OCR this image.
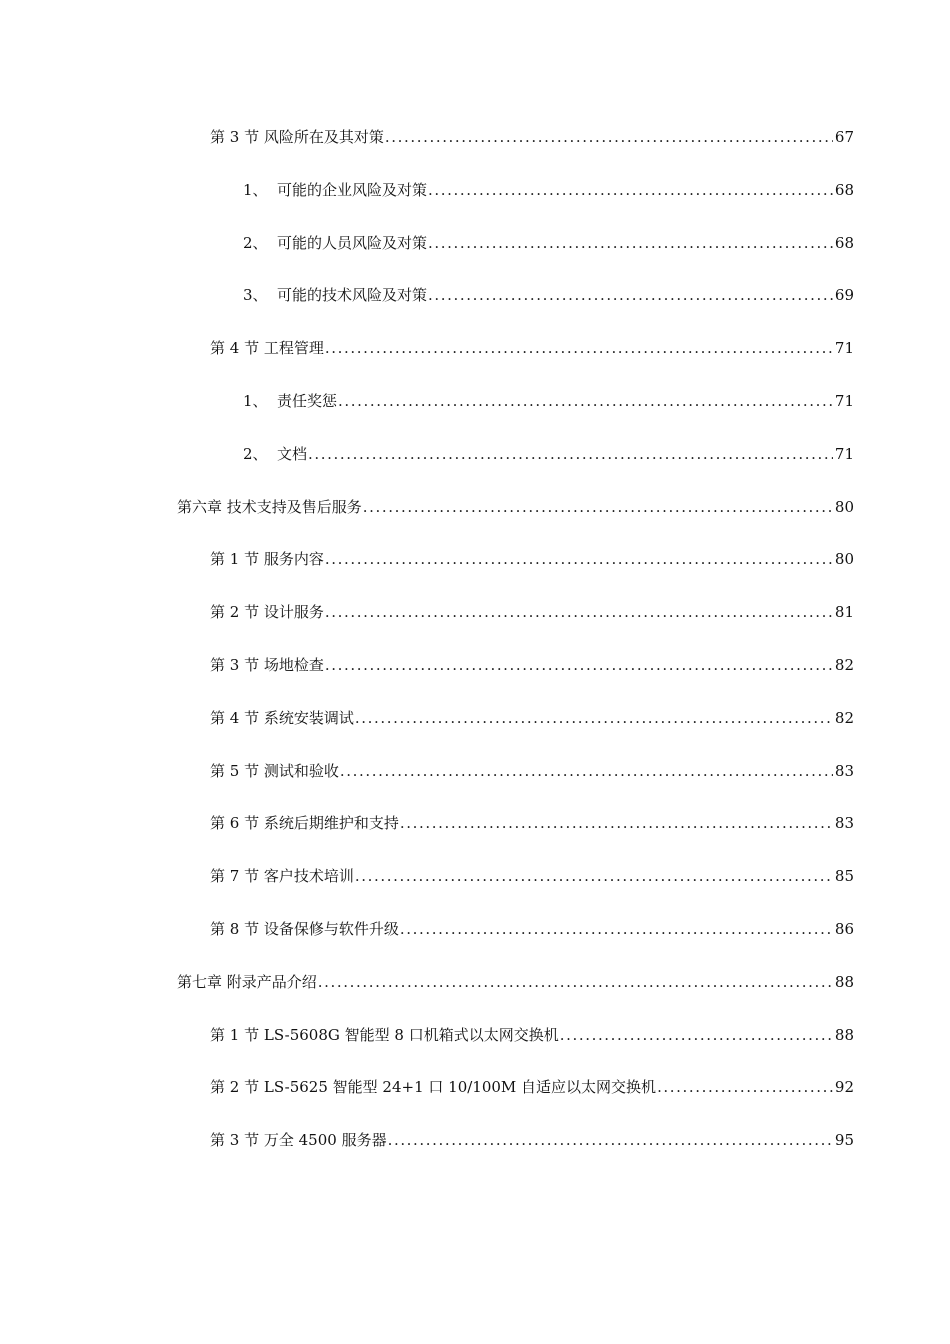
第 3 节 风险所在及其对策 .....	67
1、 可能的企业风险及对策 .....	68
2、 可能的人员风险及对策 .....	68
3、 可能的技术风险及对策 .....	69
第 4 节 工程管理 .....	71
1、 责任奖惩 .....	71
2、 文档 .....	71
第六章 技术支持及售后服务 .....	80
第 1 节 服务内容 .....	80
第 2 节 设计服务 .....	81
第 3 节 场地检查 .....	82
第 4 节 系统安装调试 .....	82
第 5 节 测试和验收 .....	83
第 6 节 系统后期维护和支持 .....	83
第 7 节 客户技术培训 .....	85
第 8 节 设备保修与软件升级 .....	86
第七章 附录产品介绍 .....	88
第 1 节 LS-5608G 智能型 8 口机箱式以太网交换机 .....	88
第 2 节 LS-5625 智能型 24+1 口 10/100M 自适应以太网交换机 .....	92
第 3 节 万全 4500 服务器 .....	95
